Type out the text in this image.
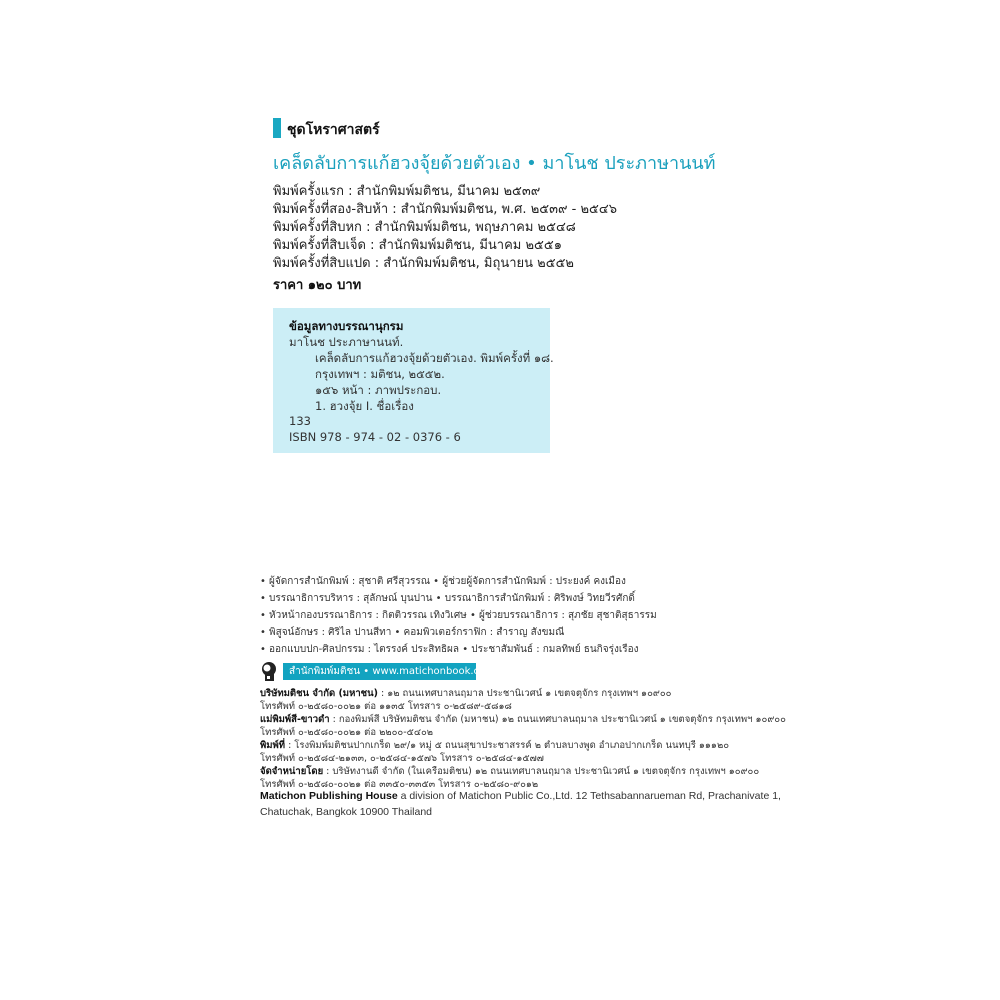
ชุดโหราศาสตร์
เคล็ดลับการแก้ฮวงจุ้ยด้วยตัวเอง • มาโนช ประภาษานนท์
พิมพ์ครั้งแรก : สำนักพิมพ์มติชน, มีนาคม ๒๕๓๙
พิมพ์ครั้งที่สอง-สิบห้า : สำนักพิมพ์มติชน, พ.ศ. ๒๕๓๙ - ๒๕๔๖
พิมพ์ครั้งที่สิบหก : สำนักพิมพ์มติชน, พฤษภาคม ๒๕๔๘
พิมพ์ครั้งที่สิบเจ็ด : สำนักพิมพ์มติชน, มีนาคม ๒๕๕๑
พิมพ์ครั้งที่สิบแปด : สำนักพิมพ์มติชน, มิถุนายน ๒๕๕๒
ราคา ๑๒๐ บาท
ข้อมูลทางบรรณานุกรม
มาโนช ประภาษานนท์.
เคล็ดลับการแก้ฮวงจุ้ยด้วยตัวเอง. พิมพ์ครั้งที่ ๑๘.
กรุงเทพฯ : มติชน, ๒๕๕๒.
๑๕๖ หน้า : ภาพประกอบ.
1. ฮวงจุ้ย I. ชื่อเรื่อง
133
ISBN 978 - 974 - 02 - 0376 - 6
• ผู้จัดการสำนักพิมพ์ : สุชาติ ศรีสุวรรณ • ผู้ช่วยผู้จัดการสำนักพิมพ์ : ประยงค์ คงเมือง
• บรรณาธิการบริหาร : สุลักษณ์ บุนปาน • บรรณาธิการสำนักพิมพ์ : ศิริพงษ์ วิทยวีรศักดิ์
• หัวหน้ากองบรรณาธิการ : กิตติวรรณ เทิงวิเศษ • ผู้ช่วยบรรณาธิการ : สุภชัย สุชาติสุธารรม
• พิสูจน์อักษร : ศิริไล ปานสีทา • คอมพิวเตอร์กราฟิก : สำราญ สังขมณี
• ออกแบบปก-ศิลปกรรม : ไตรรงค์ ประสิทธิผล • ประชาสัมพันธ์ : กมลทิพย์ ธนกิจรุ่งเรือง
สำนักพิมพ์มติชน • www.matichonbook.com
บริษัทมติชน จำกัด (มหาชน) : ๑๒ ถนนเทศบาลนฤมาล ประชานิเวศน์ ๑ เขตจตุจักร กรุงเทพฯ ๑๐๙๐๐
โทรศัพท์ ๐-๒๕๘๐-๐๐๒๑ ต่อ ๑๑๓๕ โทรสาร ๐-๒๕๘๙-๕๘๑๘
แม่พิมพ์สี-ขาวดำ : กองพิมพ์สี บริษัทมติชน จำกัด (มหาชน) ๑๒ ถนนเทศบาลนฤมาล ประชานิเวศน์ ๑ เขตจตุจักร กรุงเทพฯ ๑๐๙๐๐
โทรศัพท์ ๐-๒๕๘๐-๐๐๒๑ ต่อ ๒๒๐๐-๕๔๐๒
พิมพ์ที่ : โรงพิมพ์มติชนปากเกร็ด ๒๙/๑ หมู่ ๕ ถนนสุขาประชาสรรค์ ๒ ตำบลบางพูด อำเภอปากเกร็ด นนทบุรี ๑๑๑๒๐
โทรศัพท์ ๐-๒๕๘๔-๒๑๓๓, ๐-๒๕๘๔-๑๕๗๖ โทรสาร ๐-๒๕๘๔-๑๕๗๗
จัดจำหน่ายโดย : บริษัทงานดี จำกัด (ในเครือมติชน) ๑๒ ถนนเทศบาลนฤมาล ประชานิเวศน์ ๑ เขตจตุจักร กรุงเทพฯ ๑๐๙๐๐
โทรศัพท์ ๐-๒๕๘๐-๐๐๒๑ ต่อ ๓๓๕๐-๓๓๕๓ โทรสาร ๐-๒๕๘๐-๙๐๑๒
Matichon Publishing House a division of Matichon Public Co.,Ltd. 12 Tethsabannarueman Rd, Prachanivate 1,
Chatuchak, Bangkok 10900 Thailand
